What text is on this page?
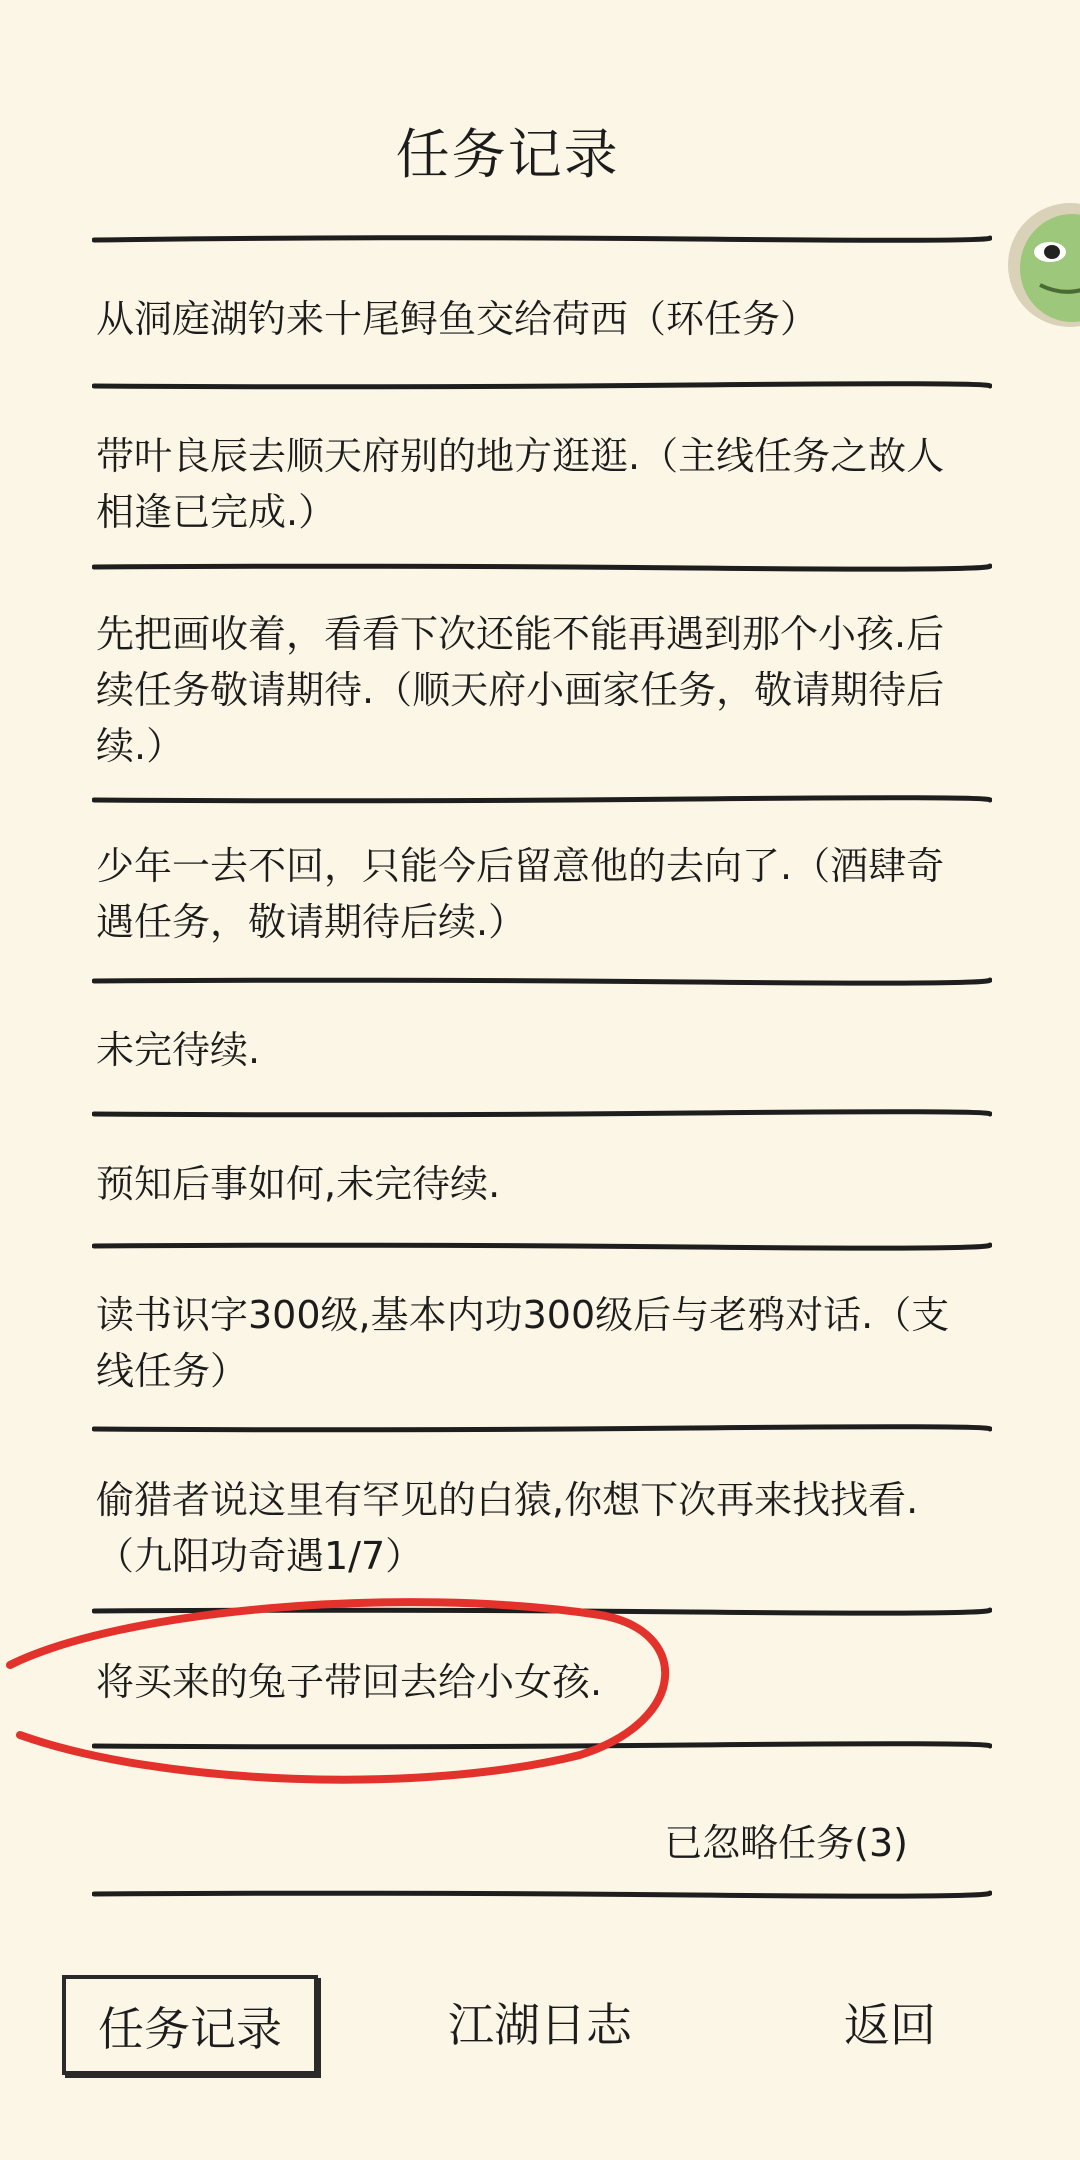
任务记录
从洞庭湖钓来十尾鲟鱼交给荷西（环任务）
带叶良辰去顺天府别的地方逛逛.（主线任务之故人相逢已完成.）
先把画收着，看看下次还能不能再遇到那个小孩.后续任务敬请期待.（顺天府小画家任务，敬请期待后续.）
少年一去不回，只能今后留意他的去向了.（酒肆奇遇任务，敬请期待后续.）
未完待续.
预知后事如何,未完待续.
读书识字300级,基本内功300级后与老鸦对话.（支线任务）
偷猎者说这里有罕见的白猿,你想下次再来找找看.（九阳功奇遇1/7）
将买来的兔子带回去给小女孩.
已忽略任务(3)
任务记录	江湖日志	返回
